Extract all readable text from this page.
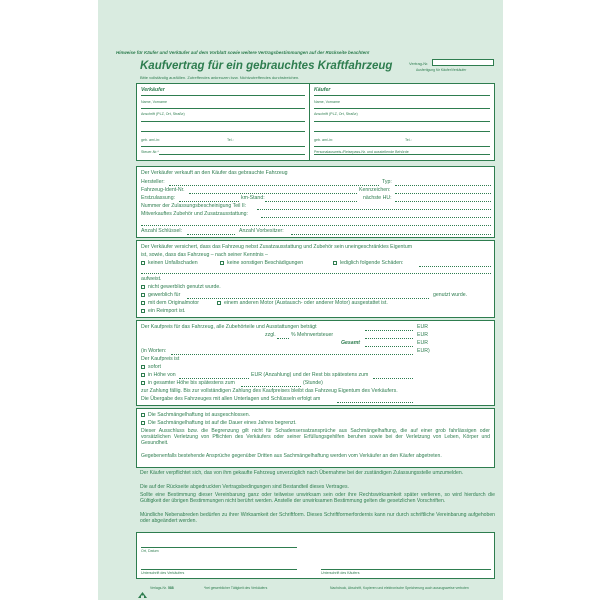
Hinweise für Käufer und Verkäufer auf dem Vorblatt sowie weitere Vertragsbestimmungen auf der Rückseite beachten!
Kaufvertrag für ein gebrauchtes Kraftfahrzeug	Vertrag-Nr.
Ausfertigung für Käufer/Verkäufer
Bitte vollständig ausfüllen. Zutreffendes ankreuzen bzw. Nichtzutreffendes durchstreichen.
Verkäufer
Name, Vorname
Anschrift (PLZ, Ort, Straße)
geb. am/-in:	Tel.:
Steuer-Nr.*
Käufer
Name, Vorname
Anschrift (PLZ, Ort, Straße)
geb. am/-in:	Tel.:
Personalausweis-/Reisepass-Nr. und ausstellende Behörde
Der Verkäufer verkauft an den Käufer das gebrauchte Fahrzeug
Hersteller:	Typ:
Fahrzeug-Ident-Nr.	Kennzeichen:
Erstzulassung:	km-Stand:	nächste HU:
Nummer der Zulassungsbescheinigung Teil II:
Mitverkauftes Zubehör und Zusatzausstattung:
Anzahl Schlüssel:	Anzahl Vorbesitzer:
Der Verkäufer versichert, dass das Fahrzeug nebst Zusatzausstattung und Zubehör sein uneingeschränktes Eigentum
ist, sowie, dass das Fahrzeug – nach seiner Kenntnis –
keinen Unfallschaden	keine sonstigen Beschädigungen	lediglich folgende Schäden:
aufweist.
nicht gewerblich genutzt wurde.
gewerblich für	genutzt wurde.
mit dem Originalmotor	einem anderen Motor (Austausch- oder anderer Motor) ausgestattet ist.
ein Reimport ist.
Der Kaufpreis für das Fahrzeug, alle Zubehörteile und Ausstattungen beträgt	EUR
zzgl.	% Mehrwertsteuer	EUR
Gesamt	EUR
(in Worten:	EUR)
Der Kaufpreis ist
sofort
in Höhe von	EUR (Anzahlung) und der Rest bis spätestens zum
in gesamter Höhe bis spätestens zum	(Stunde)
zur Zahlung fällig. Bis zur vollständigen Zahlung des Kaufpreises bleibt das Fahrzeug Eigentum des Verkäufers.
Die Übergabe des Fahrzeuges mit allen Unterlagen und Schlüsseln erfolgt am
Die Sachmängelhaftung ist ausgeschlossen.
Die Sachmängelhaftung ist auf die Dauer eines Jahres begrenzt.
Dieser Ausschluss bzw. die Begrenzung gilt nicht für Schadensersatzansprüche aus Sachmängelhaftung, die auf einer grob fahrlässigen oder vorsätzlichen Verletzung von Pflichten des Verkäufers oder seiner Erfüllungsgehilfen beruhen sowie bei der Verletzung von Leben, Körper und Gesundheit.
Gegebenenfalls bestehende Ansprüche gegenüber Dritten aus Sachmängelhaftung werden vom Verkäufer an den Käufer abgetreten.
Der Käufer verpflichtet sich, das von ihm gekaufte Fahrzeug unverzüglich nach Übernahme bei der zuständigen Zulassungsstelle umzumelden.
Die auf der Rückseite abgedruckten Vertragsbedingungen sind Bestandteil dieses Vertrages.
Sollte eine Bestimmung dieser Vereinbarung ganz oder teilweise unwirksam sein oder ihre Rechtswirksamkeit später verlieren, so wird hierdurch die Gültigkeit der übrigen Bestimmungen nicht berührt werden. Anstelle der unwirksamen Bestimmung gelten die gesetzlichen Vorschriften.
Mündliche Nebenabreden bedürfen zu ihrer Wirksamkeit der Schriftform. Dieses Schriftformerfordernis kann nur durch schriftliche Vereinbarung aufgehoben oder abgeändert werden.
Ort, Datum
Unterschrift des Verkäufers	Unterschrift des Käufers
Verlags-Nr. 588	*bei gewerblicher Tätigkeit des Verkäufers	Nachdruck, Abschrift, Kopieren und elektronische Speicherung auch auszugsweise verboten
